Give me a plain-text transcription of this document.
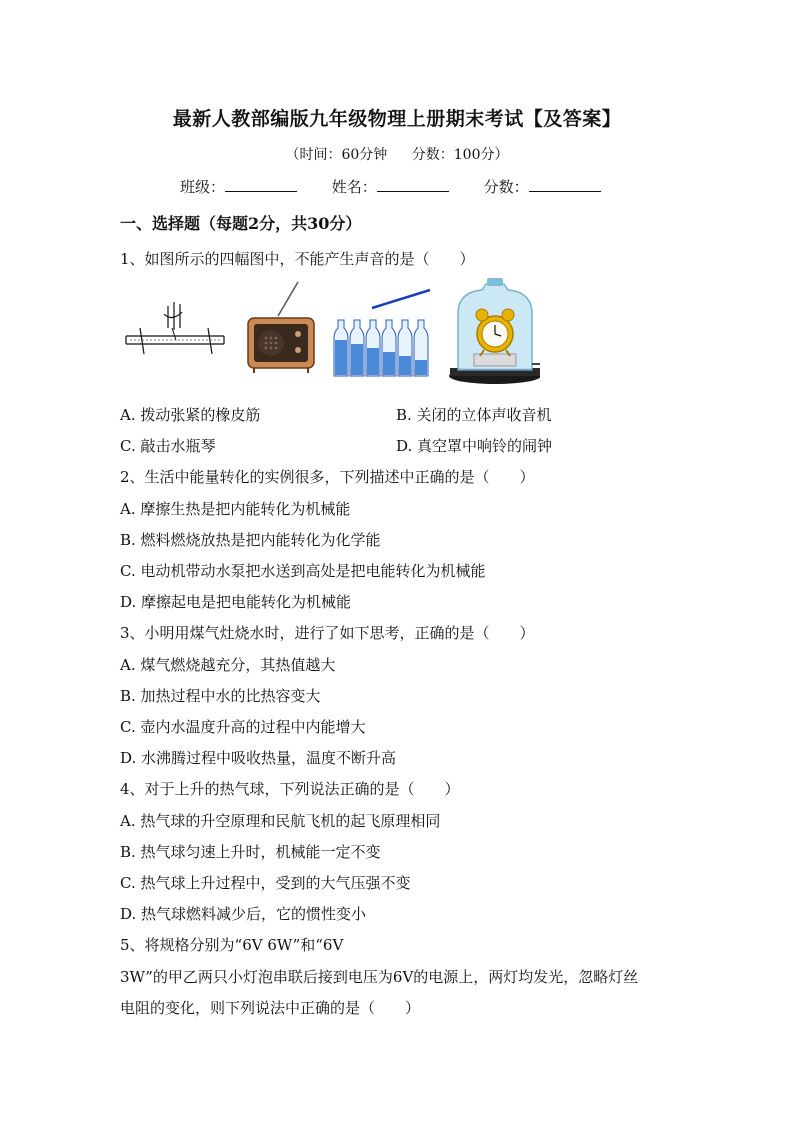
最新人教部编版九年级物理上册期末考试【及答案】
（时间：60分钟 分数：100分）
班级：	姓名：	分数：
一、选择题（每题2分，共30分）
1、如图所示的四幅图中，不能产生声音的是（　　）
A. 拨动张紧的橡皮筋	B. 关闭的立体声收音机
C. 敲击水瓶琴	D. 真空罩中响铃的闹钟
2、生活中能量转化的实例很多，下列描述中正确的是（　　）
A. 摩擦生热是把内能转化为机械能
B. 燃料燃烧放热是把内能转化为化学能
C. 电动机带动水泵把水送到高处是把电能转化为机械能
D. 摩擦起电是把电能转化为机械能
3、小明用煤气灶烧水时，进行了如下思考，正确的是（　　）
A. 煤气燃烧越充分，其热值越大
B. 加热过程中水的比热容变大
C. 壶内水温度升高的过程中内能增大
D. 水沸腾过程中吸收热量，温度不断升高
4、对于上升的热气球，下列说法正确的是（　　）
A. 热气球的升空原理和民航飞机的起飞原理相同
B. 热气球匀速上升时，机械能一定不变
C. 热气球上升过程中，受到的大气压强不变
D. 热气球燃料减少后，它的惯性变小
5、将规格分别为“6V 6W”和“6V
3W”的甲乙两只小灯泡串联后接到电压为6V的电源上，两灯均发光，忽略灯丝
电阻的变化，则下列说法中正确的是（　　）
